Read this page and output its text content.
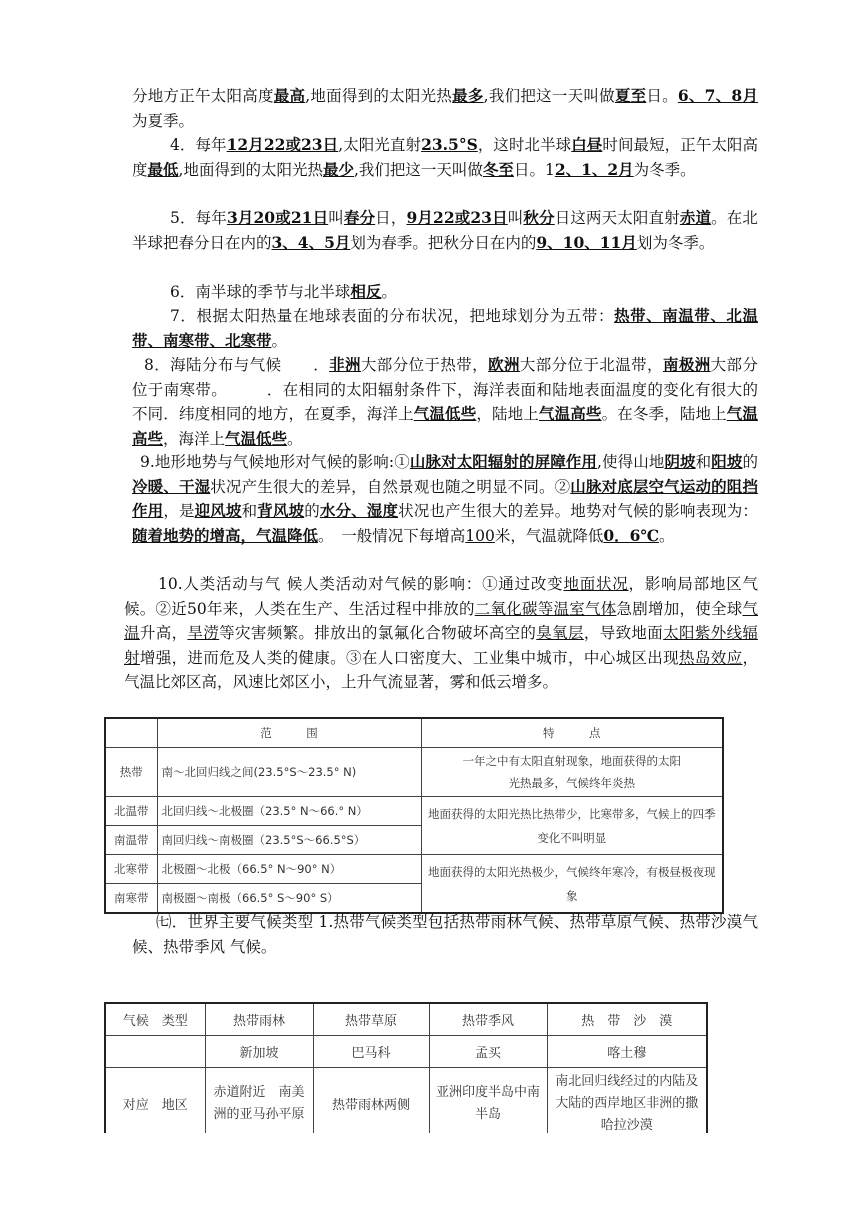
分地方正午太阳高度最高,地面得到的太阳光热最多,我们把这一天叫做夏至日。6、7、8月为夏季。
4．每年12月22或23日,太阳光直射23.5°S，这时北半球白昼时间最短，正午太阳高度最低,地面得到的太阳光热最少,我们把这一天叫做冬至日。12、1、2月为冬季。
5．每年3月20或21日叫春分日，9月22或23日叫秋分日这两天太阳直射赤道。在北半球把春分日在内的3、4、5月划为春季。把秋分日在内的9、10、11月划为冬季。
6．南半球的季节与北半球相反。
7．根据太阳热量在地球表面的分布状况，把地球划分为五带：热带、南温带、北温带、南寒带、北寒带。
8．海陆分布与气候　　．非洲大部分位于热带，欧洲大部分位于北温带，南极洲大部分位于南寒带。　　　．在相同的太阳辐射条件下，海洋表面和陆地表面温度的变化有很大的不同．纬度相同的地方，在夏季，海洋上气温低些，陆地上气温高些。在冬季，陆地上气温高些，海洋上气温低些。
9.地形地势与气候地形对气候的影响:①山脉对太阳辐射的屏障作用,使得山地阴坡和阳坡的冷暖、干湿状况产生很大的差异，自然景观也随之明显不同。②山脉对底层空气运动的阻挡作用，是迎风坡和背风坡的水分、湿度状况也产生很大的差异。地势对气候的影响表现为：随着地势的增高，气温降低。　一般情况下每增高100米，气温就降低0．6℃。
10.人类活动与气 候人类活动对气候的影响：①通过改变地面状况，影响局部地区气候。②近50年来，人类在生产、生活过程中排放的二氧化碳等温室气体急剧增加，使全球气温升高，旱涝等灾害频繁。排放出的氯氟化合物破坏高空的臭氧层，导致地面太阳紫外线辐射增强，进而危及人类的健康。③在人口密度大、工业集中城市，中心城区出现热岛效应，气温比郊区高，风速比郊区小，上升气流显著，雾和低云增多。
	范　　　围	特　　　点
热带	南～北回归线之间(23.5°S～23.5° N)	一年之中有太阳直射现象，地面获得的太阳光热最多，气候终年炎热
北温带	北回归线～北极圈（23.5° N～66.° N）	地面获得的太阳光热比热带少，比寒带多，气候上的四季变化不叫明显
南温带	南回归线～南极圈（23.5°S～66.5°S）	
北寒带	北极圈～北极（66.5° N～90° N）	地面获得的太阳光热极少，气候终年寒冷，有极昼极夜现象
南寒带	南极圈～南极（66.5° S～90° S）	
㈦．世界主要气候类型 1.热带气候类型包括热带雨林气候、热带草原气候、热带沙漠气候、热带季风 气候。
气候　类型	热带雨林	热带草原	热带季风	热　带　沙　漠
	新加坡	巴马科	孟买	喀土穆
对应　地区	赤道附近　南美洲的亚马孙平原	热带雨林两侧	亚洲印度半岛中南半岛	南北回归线经过的内陆及大陆的西岸地区非洲的撒哈拉沙漠
